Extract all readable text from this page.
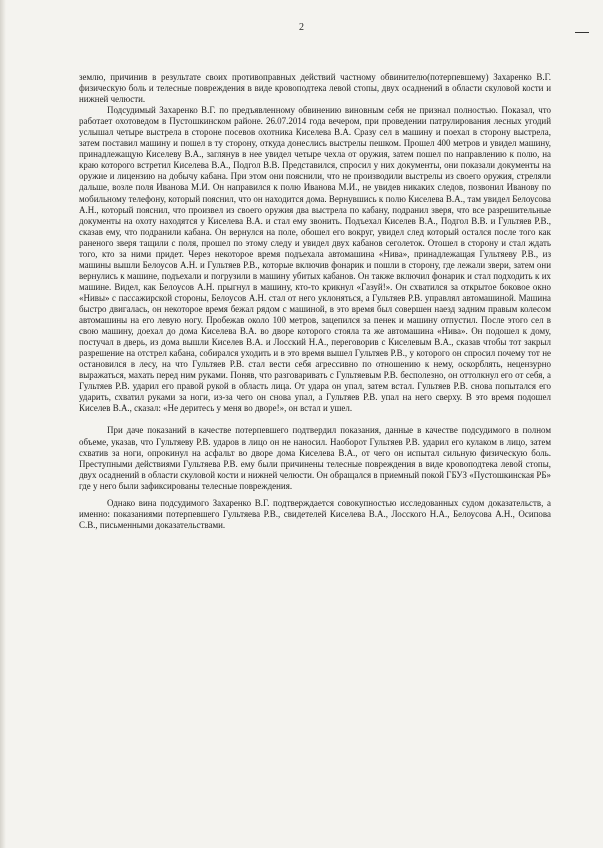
2

землю, причинив в результате своих противоправных действий частному обвинителю(потерпевшему) Захаренко В.Г. физическую боль и телесные повреждения в виде кровоподтека левой стопы, двух осаднений в области скуловой кости и нижней челюсти.

Подсудимый Захаренко В.Г. по предъявленному обвинению виновным себя не признал полностью. Показал, что работает охотоведом в Пустошкинском районе. 26.07.2014 года вечером, при проведении патрулирования лесных угодий услышал четыре выстрела в стороне посевов охотника Киселева В.А. Сразу сел в машину и поехал в сторону выстрела, затем поставил машину и пошел в ту сторону, откуда донеслись выстрелы пешком. Прошел 400 метров и увидел машину, принадлежащую Киселеву В.А., заглянув в нее увидел четыре чехла от оружия, затем пошел по направлению к полю, на краю которого встретил Киселева В.А., Подгол В.В. Представился, спросил у них документы, они показали документы на оружие и лицензию на добычу кабана. При этом они пояснили, что не производили выстрелы из своего оружия, стреляли дальше, возле поля Иванова М.И. Он направился к полю Иванова М.И., не увидев никаких следов, позвонил Иванову по мобильному телефону, который пояснил, что он находится дома. Вернувшись к полю Киселева В.А., там увидел Белоусова А.Н., который пояснил, что произвел из своего оружия два выстрела по кабану, подранил зверя, что все разрешительные документы на охоту находятся у Киселева В.А. и стал ему звонить. Подъехал Киселев В.А., Подгол В.В. и Гультяев Р.В., сказав ему, что подранили кабана. Он вернулся на поле, обошел его вокруг, увидел след который остался после того как раненого зверя тащили с поля, прошел по этому следу и увидел двух кабанов сеголеток. Отошел в сторону и стал ждать того, кто за ними придет. Через некоторое время подъехала автомашина «Нива», принадлежащая Гультяеву Р.В., из машины вышли Белоусов А.Н. и Гультяев Р.В., которые включив фонарик и пошли в сторону, где лежали звери, затем они вернулись к машине, подъехали и погрузили в машину убитых кабанов. Он также включил фонарик и стал подходить к их машине. Видел, как Белоусов А.Н. прыгнул в машину, кто-то крикнул «Газуй!». Он схватился за открытое боковое окно «Нивы» с пассажирской стороны, Белоусов А.Н. стал от него уклоняться, а Гультяев Р.В. управлял автомашиной. Машина быстро двигалась, он некоторое время бежал рядом с машиной, в это время был совершен наезд задним правым колесом автомашины на его левую ногу. Пробежав около 100 метров, зацепился за пенек и машину отпустил. После этого сел в свою машину, доехал до дома Киселева В.А. во дворе которого стояла та же автомашина «Нива». Он подошел к дому, постучал в дверь, из дома вышли Киселев В.А. и Лосский Н.А., переговорив с Киселевым В.А., сказав чтобы тот закрыл разрешение на отстрел кабана, собирался уходить и в это время вышел Гультяев Р.В., у которого он спросил почему тот не остановился в лесу, на что Гультяев Р.В. стал вести себя агрессивно по отношению к нему, оскорблять, нецензурно выражаться, махать перед ним руками. Поняв, что разговаривать с Гультяевым Р.В. бесполезно, он оттолкнул его от себя, а Гультяев Р.В. ударил его правой рукой в область лица. От удара он упал, затем встал. Гультяев Р.В. снова попытался его ударить, схватил руками за ноги, из-за чего он снова упал, а Гультяев Р.В. упал на него сверху. В это время подошел Киселев В.А., сказал: «Не деритесь у меня во дворе!», он встал и ушел.

При даче показаний в качестве потерпевшего подтвердил показания, данные в качестве подсудимого в полном объеме, указав, что Гультяеву Р.В. ударов в лицо он не наносил. Наоборот Гультяев Р.В. ударил его кулаком в лицо, затем схватив за ноги, опрокинул на асфальт во дворе дома Киселева В.А., от чего он испытал сильную физическую боль. Преступными действиями Гультяева Р.В. ему были причинены телесные повреждения в виде кровоподтека левой стопы, двух осаднений в области скуловой кости и нижней челюсти. Он обращался в приемный покой ГБУЗ «Пустошкинская РБ» где у него были зафиксированы телесные повреждения.

Однако вина подсудимого Захаренко В.Г. подтверждается совокупностью исследованных судом доказательств, а именно: показаниями потерпевшего Гультяева Р.В., свидетелей Киселева В.А., Лосского Н.А., Белоусова А.Н., Осипова С.В., письменными доказательствами.
